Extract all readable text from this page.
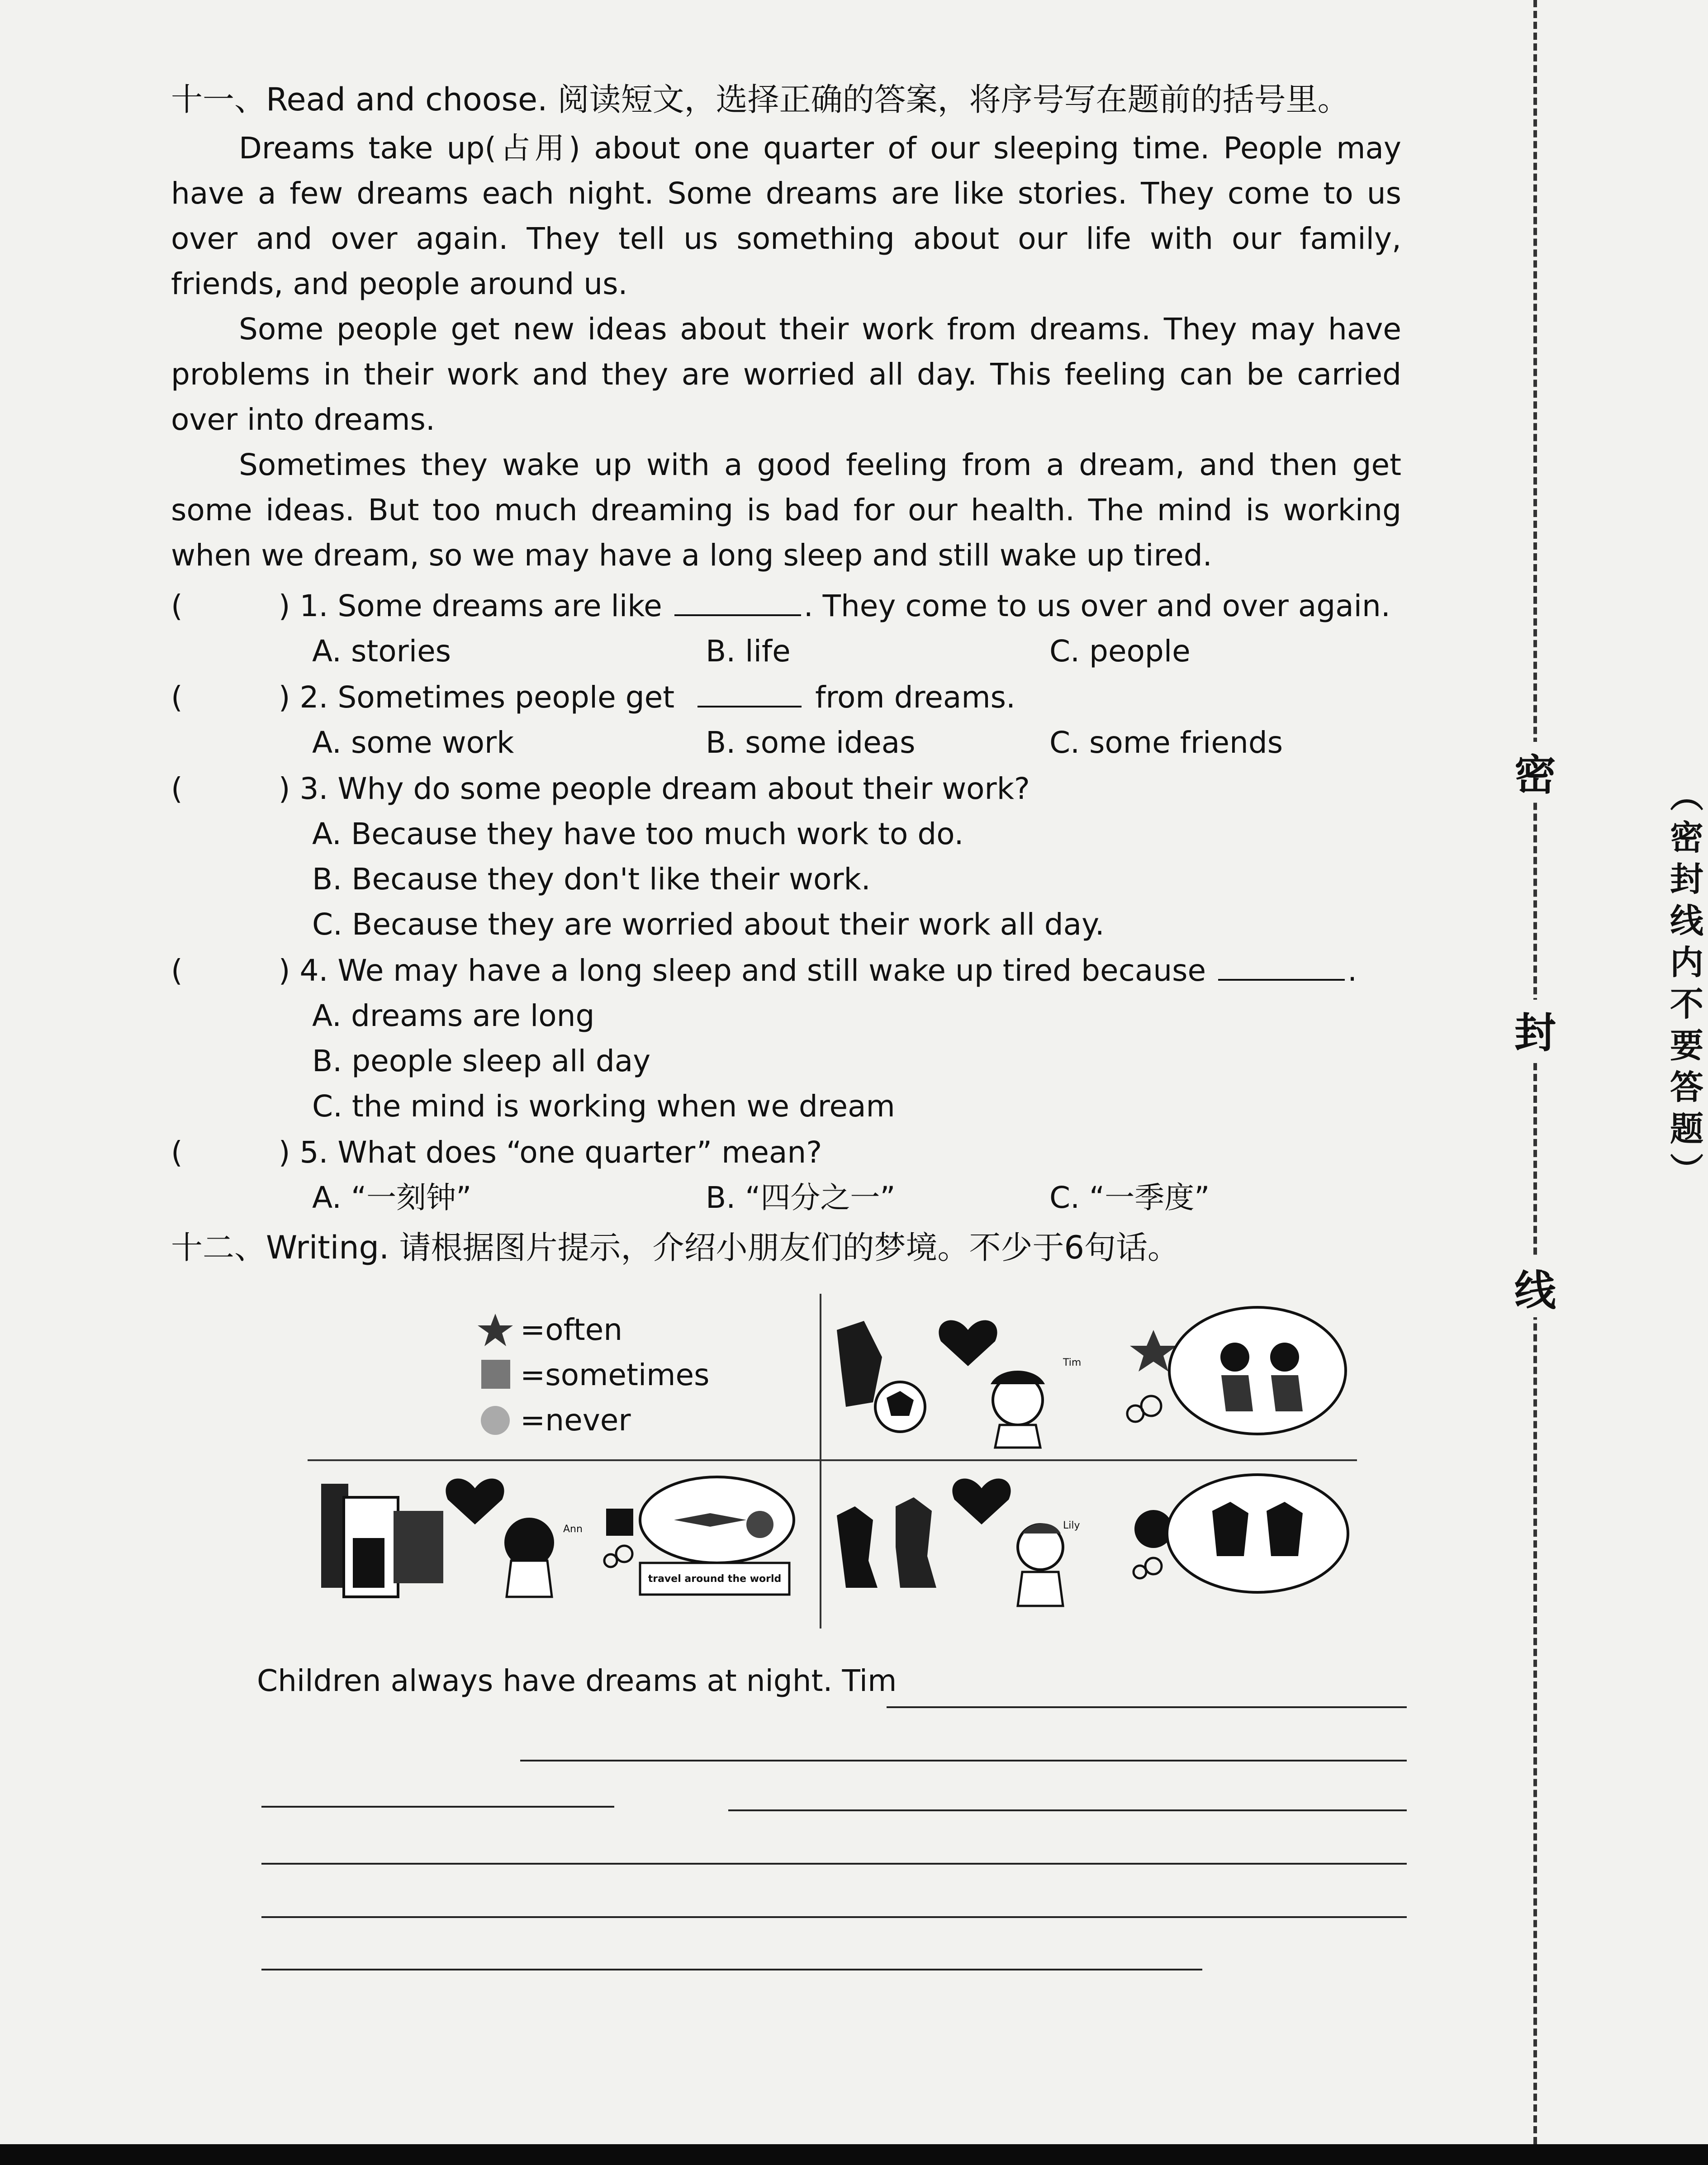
十一、Read and choose. 阅读短文，选择正确的答案，将序号写在题前的括号里。

Dreams take up(占用) about one quarter of our sleeping time. People may have a few dreams each night. Some dreams are like stories. They come to us over and over again. They tell us something about our life with our family, friends, and people around us.

Some people get new ideas about their work from dreams. They may have problems in their work and they are worried all day. This feeling can be carried over into dreams.

Sometimes they wake up with a good feeling from a dream, and then get some ideas. But too much dreaming is bad for our health. The mind is working when we dream, so we may have a long sleep and still wake up tired.

(	) 1. Some dreams are like	. They come to us over and over again.
A. stories	B. life	C. people
(	) 2. Sometimes people get	from dreams.
A. some work	B. some ideas	C. some friends
(	) 3. Why do some people dream about their work?
A. Because they have too much work to do.
B. Because they don't like their work.
C. Because they are worried about their work all day.
(	) 4. We may have a long sleep and still wake up tired because	.
A. dreams are long
B. people sleep all day
C. the mind is working when we dream
(	) 5. What does “one quarter” mean?
A. “一刻钟”	B. “四分之一”	C. “一季度”
十二、Writing. 请根据图片提示，介绍小朋友们的梦境。不少于6句话。
=often
=sometimes
=never
Tim
Ann
travel around the world
Lily
Children always have dreams at night. Tim
密
封
线
（密封线内不要答题）
